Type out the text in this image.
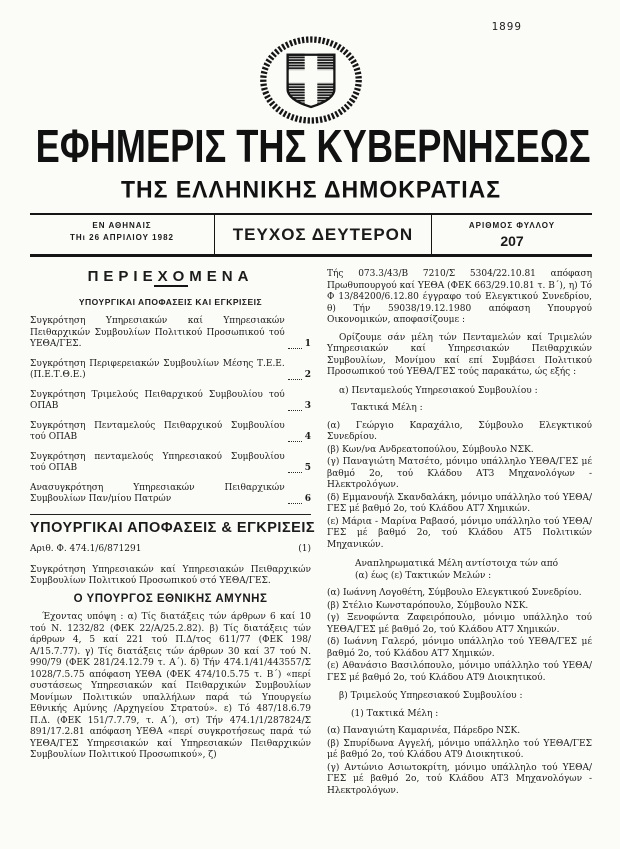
1899
ΕΦΗΜΕΡΙΣ ΤΗΣ ΚΥΒΕΡΝΗΣΕΩΣ
ΤΗΣ ΕΛΛΗΝΙΚΗΣ ΔΗΜΟΚΡΑΤΙΑΣ
ΕΝ ΑΘΗΝΑΙΣ
ΤΗι 26 ΑΠΡΙΛΙΟΥ 1982	ΤΕΥΧΟΣ ΔΕΥΤΕΡΟΝ	ΑΡΙΘΜΟΣ ΦΥΛΛΟΥ
207
ΠΕΡΙΕΧΟΜΕΝΑ
ΥΠΟΥΡΓΙΚΑΙ ΑΠΟΦΑΣΕΙΣ ΚΑΙ ΕΓΚΡΙΣΕΙΣ
Συγκρότηση Υπηρεσιακών καί Υπηρεσιακών Πειθαρχικών Συμβουλίων Πολιτικού Προσωπικού τού ΥΕΘΑ/ΓΕΣ.	1
Συγκρότηση Περιφερειακών Συμβουλίων Μέσης Τ.Ε.Ε. (Π.Ε.Τ.Θ.Ε.)	2
Συγκρότηση Τριμελούς Πειθαρχικού Συμβουλίου τού ΟΠΑΒ	3
Συγκρότηση Πενταμελούς Πειθαρχικού Συμβουλίου τού ΟΠΑΒ	4
Συγκρότηση πενταμελούς Υπηρεσιακού Συμβουλίου τού ΟΠΑΒ	5
Ανασυγκρότηση Υπηρεσιακών Πειθαρχικών Συμβουλίων Παν/μίου Πατρών	6
ΥΠΟΥΡΓΙΚΑΙ ΑΠΟΦΑΣΕΙΣ & ΕΓΚΡΙΣΕΙΣ
Αριθ. Φ. 474.1/6/871291	(1)

Συγκρότηση Υπηρεσιακών καί Υπηρεσιακών Πειθαρχικών Συμβουλίων Πολιτικού Προσωπικού στό ΥΕΘΑ/ΓΕΣ.

Ο ΥΠΟΥΡΓΟΣ ΕΘΝΙΚΗΣ ΑΜΥΝΗΣ

Έχοντας υπόψη : α) Τίς διατάξεις τών άρθρων 6 καί 10 τού Ν. 1232/82 (ΦΕΚ 22/Α/25.2.82). β) Τίς διατάξεις τών άρθρων 4, 5 καί 221 τού Π.Δ/τος 611/77 (ΦΕΚ 198/Α/15.7.77). γ) Τίς διατάξεις τών άρθρων 30 καί 37 τού Ν. 990/79 (ΦΕΚ 281/24.12.79 τ. Α΄). δ) Τήν 474.1/41/443557/Σ 1028/7.5.75 απόφαση ΥΕΘΑ (ΦΕΚ 474/10.5.75 τ. Β΄) «περί συστάσεως Υπηρεσιακών καί Πειθαρχικών Συμβουλίων Μονίμων Πολιτικών υπαλλήλων παρά τώ Υπουργείω Εθνικής Αμύνης /Αρχηγείου Στρατού». ε) Τό 487/18.6.79 Π.Δ. (ΦΕΚ 151/7.7.79, τ. Α΄), στ) Τήν 474.1/1/287824/Σ 891/17.2.81 απόφαση ΥΕΘΑ «περί συγκροτήσεως παρά τώ ΥΕΘΑ/ΓΕΣ Υπηρεσιακών καί Υπηρεσιακών Πειθαρχικών Συμβουλίων Πολιτικού Προσωπικού», ζ)

Τής 073.3/43/Β 7210/Σ 5304/22.10.81 απόφαση Πρωθυπουργού καί ΥΕΘΑ (ΦΕΚ 663/29.10.81 τ. Β΄), η) Τό Φ 13/84200/6.12.80 έγγραφο τού Ελεγκτικού Συνεδρίου, θ) Τήν 59038/19.12.1980 απόφαση Υπουργού Οικονομικών, αποφασίζουμε :

Ορίζουμε σάν μέλη τών Πενταμελών καί Τριμελών Υπηρεσιακών καί Υπηρεσιακών Πειθαρχικών Συμβουλίων, Μονίμου καί επί Συμβάσει Πολιτικού Προσωπικού τού ΥΕΘΑ/ΓΕΣ τούς παρακάτω, ώς εξής :

α) Πενταμελούς Υπηρεσιακού Συμβουλίου :

Τακτικά Μέλη :

(α) Γεώργιο Καραχάλιο, Σύμβουλο Ελεγκτικού Συνεδρίου.

(β) Κων/να Ανδρεατοπούλου, Σύμβουλο ΝΣΚ.

(γ) Παναγιώτη Ματσέτο, μόνιμο υπάλληλο ΥΕΘΑ/ΓΕΣ μέ βαθμό 2ο, τού Κλάδου ΑΤ3 Μηχανολόγων - Ηλεκτρολόγων.

(δ) Εμμανουήλ Σκανδαλάκη, μόνιμο υπάλληλο τού ΥΕΘΑ/ΓΕΣ μέ βαθμό 2ο, τού Κλάδου ΑΤ7 Χημικών.

(ε) Μάρια - Μαρίνα Ραβασό, μόνιμο υπάλληλο τού ΥΕΘΑ/ΓΕΣ μέ βαθμό 2ο, τού Κλάδου ΑΤ5 Πολιτικών Μηχανικών.

Αναπληρωματικά Μέλη αντίστοιχα τών από (α) έως (ε) Τακτικών Μελών :

(α) Ιωάννη Λογοθέτη, Σύμβουλο Ελεγκτικού Συνεδρίου.

(β) Στέλιο Κωνσταρόπουλο, Σύμβουλο ΝΣΚ.

(γ) Ξενοφώντα Ζαφειρόπουλο, μόνιμο υπάλληλο τού ΥΕΘΑ/ΓΕΣ μέ βαθμό 2ο, τού Κλάδου ΑΤ7 Χημικών.

(δ) Ιωάννη Γαλερό, μόνιμο υπάλληλο τού ΥΕΘΑ/ΓΕΣ μέ βαθμό 2ο, τού Κλάδου ΑΤ7 Χημικών.

(ε) Αθανάσιο Βασιλόπουλο, μόνιμο υπάλληλο τού ΥΕΘΑ/ΓΕΣ μέ βαθμό 2ο, τού Κλάδου ΑΤ9 Διοικητικού.

β) Τριμελούς Υπηρεσιακού Συμβουλίου :

(1) Τακτικά Μέλη :

(α) Παναγιώτη Καμαρινέα, Πάρεδρο ΝΣΚ.

(β) Σπυρίδωνα Αγγελή, μόνιμο υπάλληλο τού ΥΕΘΑ/ΓΕΣ μέ βαθμό 2ο, τού Κλάδου ΑΤ9 Διοικητικού.

(γ) Αντώνιο Ασιωτοκρίτη, μόνιμο υπάλληλο τού ΥΕΘΑ/ΓΕΣ μέ βαθμό 2ο, τού Κλάδου ΑΤ3 Μηχανολόγων - Ηλεκτρολόγων.
